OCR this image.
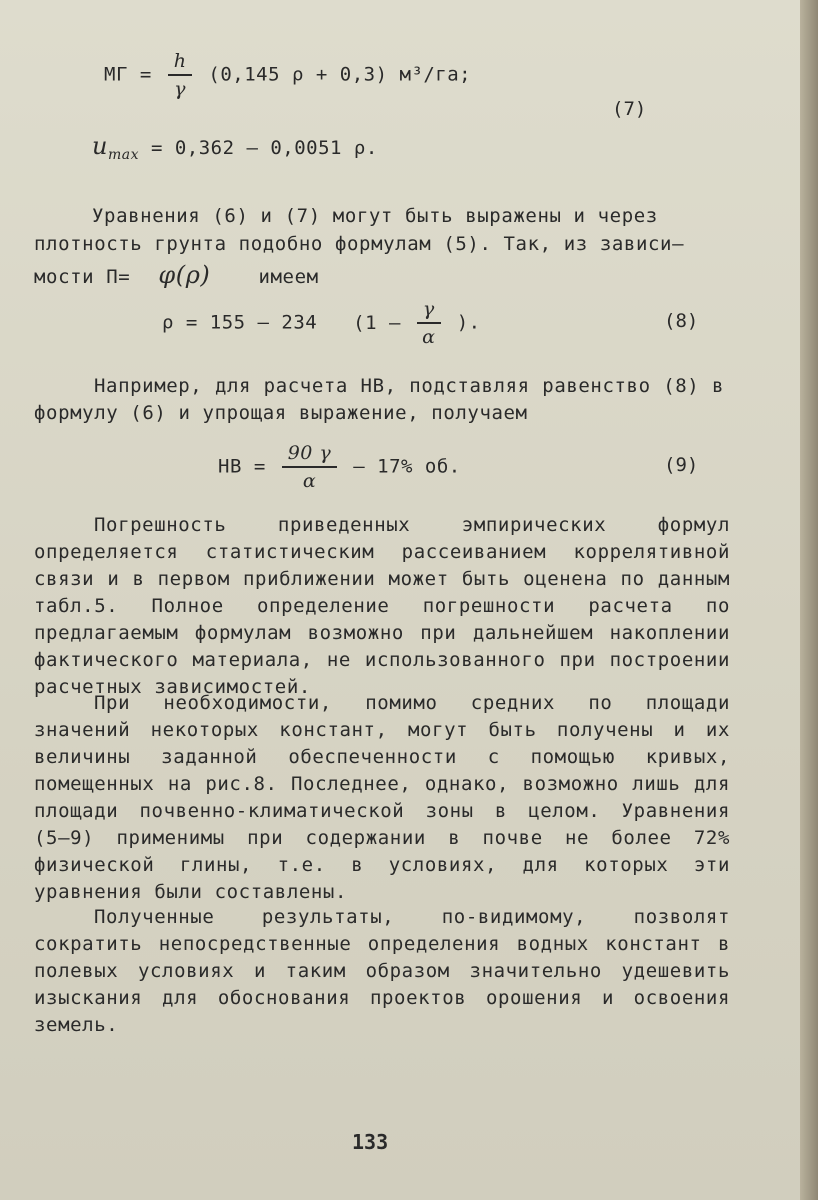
МГ = $\frac{h}{\gamma} (0,145$ ρ + 0,3) м³/га;
(7)
$u_{max} = 0,362 - 0,0051$ ρ.
Уравнения (6) и (7) могут быть выражены и через
плотность грунта подобно формулам (5). Так, из зависи–
мости П= φ(ρ)	имеем
ρ = 155 – 234 ($1 - \frac{\gamma}{\alpha}$ ).	(8)
Например, для расчета НВ, подставляя равенство (8) в формулу (6) и упрощая выражение, получаем
НВ = $\frac{90 \gamma}{\alpha} - 17\%$ об.	(9)
Погрешность приведенных эмпирических формул определяется статистическим рассеиванием коррелятивной связи и в первом приближении может быть оценена по данным табл.5. Полное определение погрешности расчета по предлагаемым формулам возможно при дальнейшем накоплении фактического материала, не использованного при построении расчетных зависимостей.
При необходимости, помимо средних по площади значений некоторых констант, могут быть получены и их величины заданной обеспеченности с помощью кривых, помещенных на рис.8. Последнее, однако, возможно лишь для площади почвенно-климатической зоны в целом. Уравнения (5–9) применимы при содержании в почве не более 72% физической глины, т.е. в условиях, для которых эти уравнения были составлены.
Полученные результаты, по-видимому, позволят сократить непосредственные определения водных констант в полевых условиях и таким образом значительно удешевить изыскания для обоснования проектов орошения и освоения земель.
133
